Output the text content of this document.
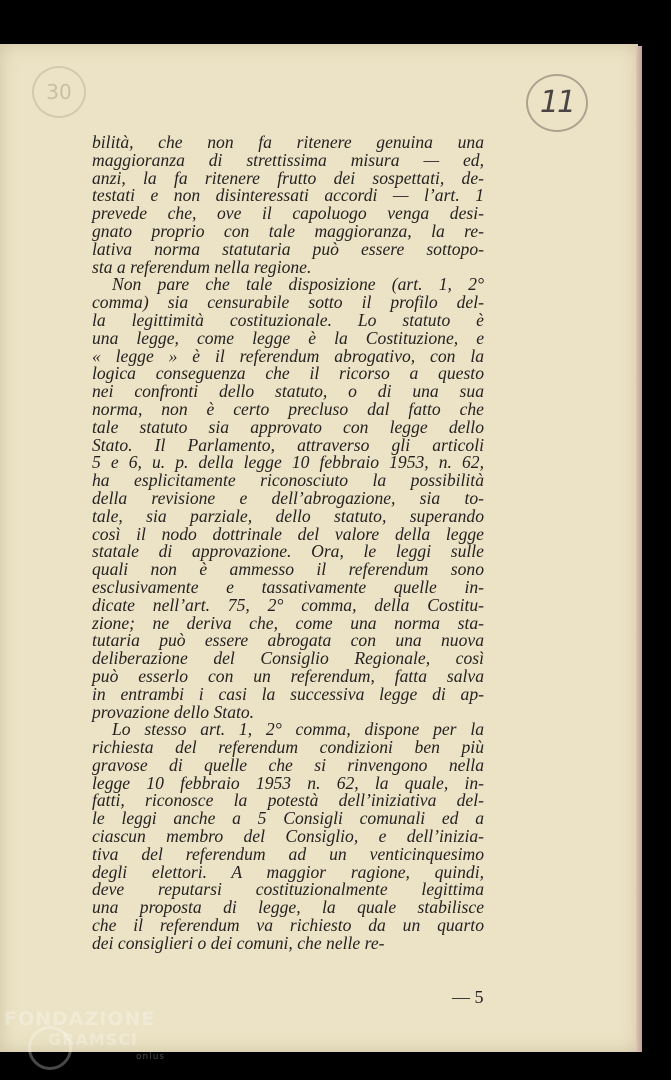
30	11
bilità, che non fa ritenere genuina una
maggioranza di strettissima misura — ed,
anzi, la fa ritenere frutto dei sospettati, de-
testati e non disinteressati accordi — l’art. 1
prevede che, ove il capoluogo venga desi-
gnato proprio con tale maggioranza, la re-
lativa norma statutaria può essere sottopo-
sta a referendum nella regione.
Non pare che tale disposizione (art. 1, 2°
comma) sia censurabile sotto il profilo del-
la legittimità costituzionale. Lo statuto è
una legge, come legge è la Costituzione, e
« legge » è il referendum abrogativo, con la
logica conseguenza che il ricorso a questo
nei confronti dello statuto, o di una sua
norma, non è certo precluso dal fatto che
tale statuto sia approvato con legge dello
Stato. Il Parlamento, attraverso gli articoli
5 e 6, u. p. della legge 10 febbraio 1953, n. 62,
ha esplicitamente riconosciuto la possibilità
della revisione e dell’abrogazione, sia to-
tale, sia parziale, dello statuto, superando
così il nodo dottrinale del valore della legge
statale di approvazione. Ora, le leggi sulle
quali non è ammesso il referendum sono
esclusivamente e tassativamente quelle in-
dicate nell’art. 75, 2° comma, della Costitu-
zione; ne deriva che, come una norma sta-
tutaria può essere abrogata con una nuova
deliberazione del Consiglio Regionale, così
può esserlo con un referendum, fatta salva
in entrambi i casi la successiva legge di ap-
provazione dello Stato.
Lo stesso art. 1, 2° comma, dispone per la
richiesta del referendum condizioni ben più
gravose di quelle che si rinvengono nella
legge 10 febbraio 1953 n. 62, la quale, in-
fatti, riconosce la potestà dell’iniziativa del-
le leggi anche a 5 Consigli comunali ed a
ciascun membro del Consiglio, e dell’inizia-
tiva del referendum ad un venticinquesimo
degli elettori. A maggior ragione, quindi,
deve reputarsi costituzionalmente legittima
una proposta di legge, la quale stabilisce
che il referendum va richiesto da un quarto
dei consiglieri o dei comuni, che nelle re-
— 5
FONDAZIONE
GRAMSCI
onlus
